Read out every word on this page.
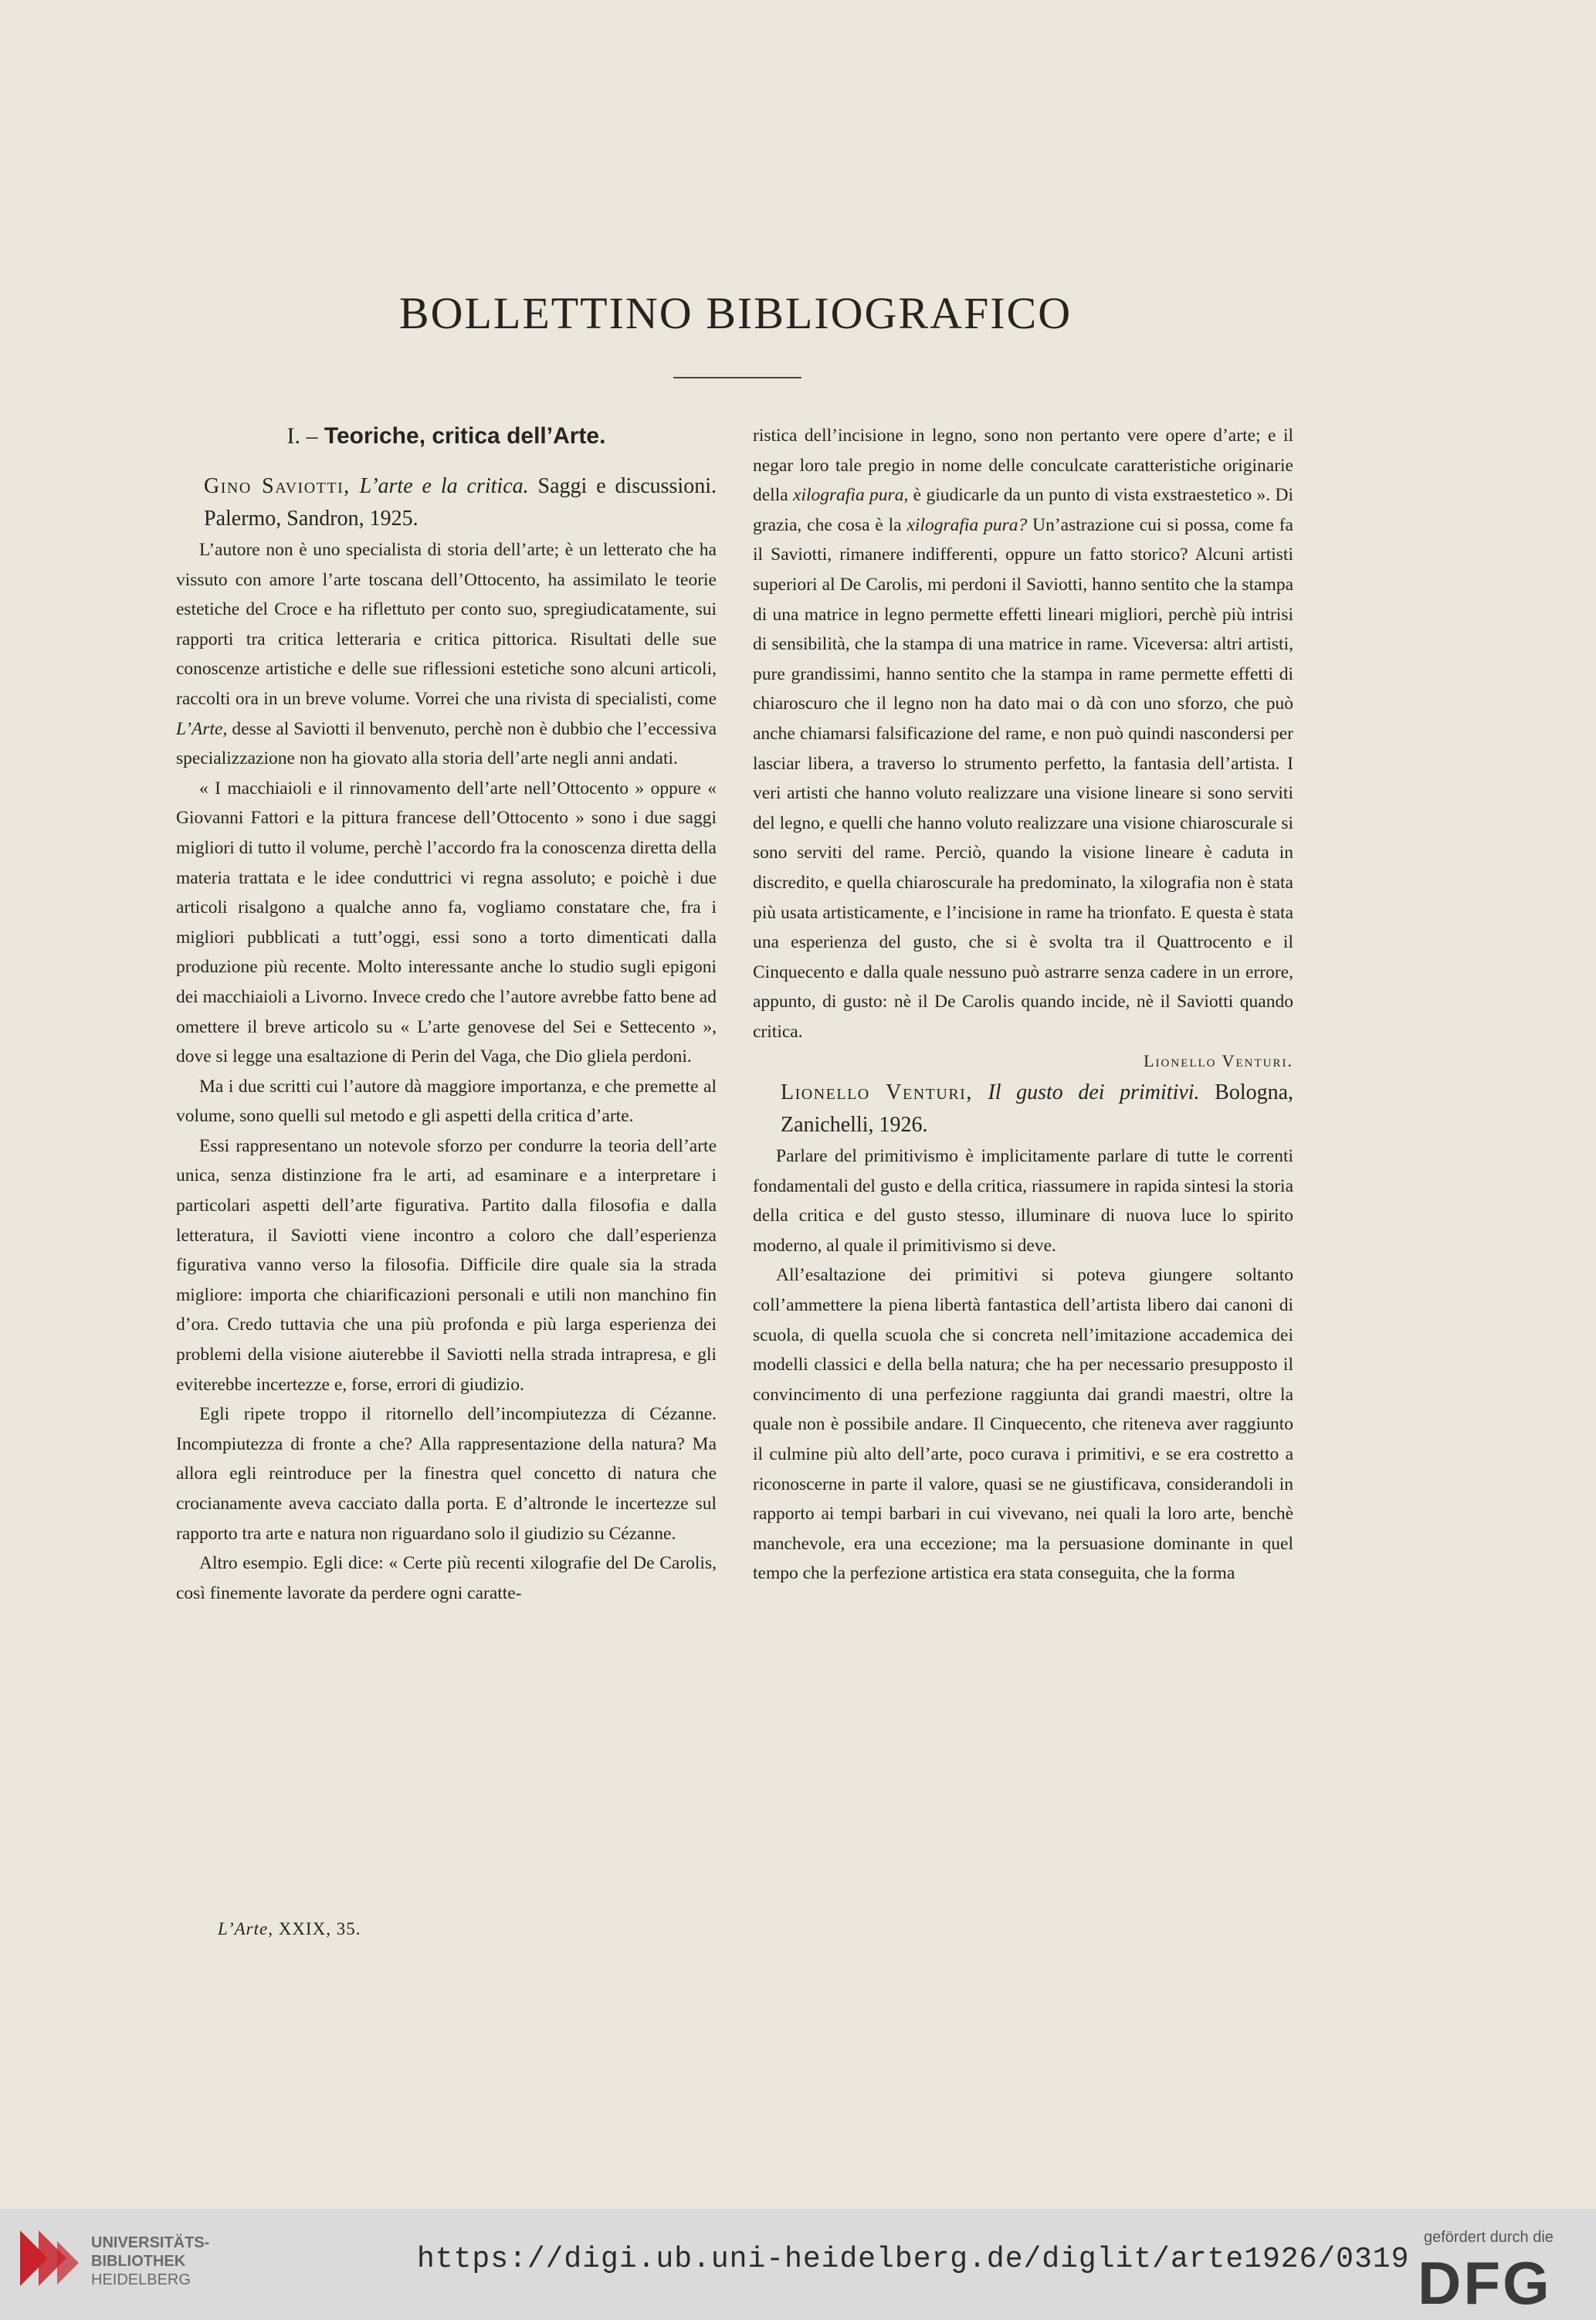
BOLLETTINO BIBLIOGRAFICO
I. – Teoriche, critica dell’Arte.

Gino Saviotti, L’arte e la critica. Saggi e discussioni. Palermo, Sandron, 1925.

L’autore non è uno specialista di storia dell’arte; è un letterato che ha vissuto con amore l’arte toscana dell’Ottocento, ha assimilato le teorie estetiche del Croce e ha riflettuto per conto suo, spregiudicatamente, sui rapporti tra critica letteraria e critica pittorica. Risultati delle sue conoscenze artistiche e delle sue riflessioni estetiche sono alcuni articoli, raccolti ora in un breve volume. Vorrei che una rivista di specialisti, come L’Arte, desse al Saviotti il benvenuto, perchè non è dubbio che l’eccessiva specializzazione non ha giovato alla storia dell’arte negli anni andati.

« I macchiaioli e il rinnovamento dell’arte nell’Ottocento » oppure « Giovanni Fattori e la pittura francese dell’Ottocento » sono i due saggi migliori di tutto il volume, perchè l’accordo fra la conoscenza diretta della materia trattata e le idee conduttrici vi regna assoluto; e poichè i due articoli risalgono a qualche anno fa, vogliamo constatare che, fra i migliori pubblicati a tutt’oggi, essi sono a torto dimenticati dalla produzione più recente. Molto interessante anche lo studio sugli epigoni dei macchiaioli a Livorno. Invece credo che l’autore avrebbe fatto bene ad omettere il breve articolo su « L’arte genovese del Sei e Settecento », dove si legge una esaltazione di Perin del Vaga, che Dio gliela perdoni.

Ma i due scritti cui l’autore dà maggiore importanza, e che premette al volume, sono quelli sul metodo e gli aspetti della critica d’arte.

Essi rappresentano un notevole sforzo per condurre la teoria dell’arte unica, senza distinzione fra le arti, ad esaminare e a interpretare i particolari aspetti dell’arte figurativa. Partito dalla filosofia e dalla letteratura, il Saviotti viene incontro a coloro che dall’esperienza figurativa vanno verso la filosofia. Difficile dire quale sia la strada migliore: importa che chiarificazioni personali e utili non manchino fin d’ora. Credo tuttavia che una più profonda e più larga esperienza dei problemi della visione aiuterebbe il Saviotti nella strada intrapresa, e gli eviterebbe incertezze e, forse, errori di giudizio.

Egli ripete troppo il ritornello dell’incompiutezza di Cézanne. Incompiutezza di fronte a che? Alla rappresentazione della natura? Ma allora egli reintroduce per la finestra quel concetto di natura che crocianamente aveva cacciato dalla porta. E d’altronde le incertezze sul rapporto tra arte e natura non riguardano solo il giudizio su Cézanne.

Altro esempio. Egli dice: « Certe più recenti xilografie del De Carolis, così finemente lavorate da perdere ogni caratte-

ristica dell’incisione in legno, sono non pertanto vere opere d’arte; e il negar loro tale pregio in nome delle conculcate caratteristiche originarie della xilografia pura, è giudicarle da un punto di vista exstraestetico ». Di grazia, che cosa è la xilografia pura? Un’astrazione cui si possa, come fa il Saviotti, rimanere indifferenti, oppure un fatto storico? Alcuni artisti superiori al De Carolis, mi perdoni il Saviotti, hanno sentito che la stampa di una matrice in legno permette effetti lineari migliori, perchè più intrisi di sensibilità, che la stampa di una matrice in rame. Viceversa: altri artisti, pure grandissimi, hanno sentito che la stampa in rame permette effetti di chiaroscuro che il legno non ha dato mai o dà con uno sforzo, che può anche chiamarsi falsificazione del rame, e non può quindi nascondersi per lasciar libera, a traverso lo strumento perfetto, la fantasia dell’artista. I veri artisti che hanno voluto realizzare una visione lineare si sono serviti del legno, e quelli che hanno voluto realizzare una visione chiaroscurale si sono serviti del rame. Perciò, quando la visione lineare è caduta in discredito, e quella chiaroscurale ha predominato, la xilografia non è stata più usata artisticamente, e l’incisione in rame ha trionfato. E questa è stata una esperienza del gusto, che si è svolta tra il Quattrocento e il Cinquecento e dalla quale nessuno può astrarre senza cadere in un errore, appunto, di gusto: nè il De Carolis quando incide, nè il Saviotti quando critica.

Lionello Venturi.

Lionello Venturi, Il gusto dei primitivi. Bologna, Zanichelli, 1926.

Parlare del primitivismo è implicitamente parlare di tutte le correnti fondamentali del gusto e della critica, riassumere in rapida sintesi la storia della critica e del gusto stesso, illuminare di nuova luce lo spirito moderno, al quale il primitivismo si deve.

All’esaltazione dei primitivi si poteva giungere soltanto coll’ammettere la piena libertà fantastica dell’artista libero dai canoni di scuola, di quella scuola che si concreta nell’imitazione accademica dei modelli classici e della bella natura; che ha per necessario presupposto il convincimento di una perfezione raggiunta dai grandi maestri, oltre la quale non è possibile andare. Il Cinquecento, che riteneva aver raggiunto il culmine più alto dell’arte, poco curava i primitivi, e se era costretto a riconoscerne in parte il valore, quasi se ne giustificava, considerandoli in rapporto ai tempi barbari in cui vivevano, nei quali la loro arte, benchè manchevole, era una eccezione; ma la persuasione dominante in quel tempo che la perfezione artistica era stata conseguita, che la forma

L’Arte, XXIX, 35.
UNIVERSITÄTS-
BIBLIOTHEK
HEIDELBERG
https://digi.ub.uni-heidelberg.de/diglit/arte1926/0319
gefördert durch die
DFG
